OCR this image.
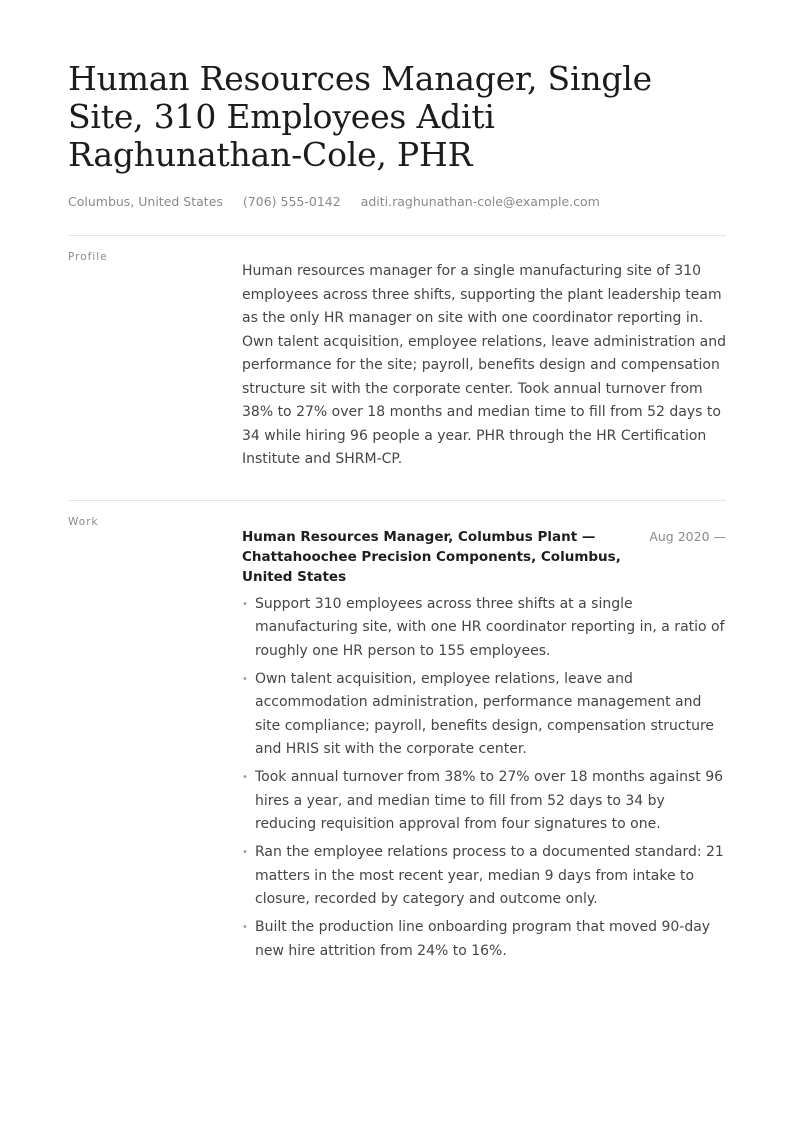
Human Resources Manager, Single Site, 310 Employees Aditi Raghunathan-Cole, PHR
Columbus, United States (706) 555-0142 aditi.raghunathan-cole@example.com
Profile

Human resources manager for a single manufacturing site of 310 employees across three shifts, supporting the plant leadership team as the only HR manager on site with one coordinator reporting in. Own talent acquisition, employee relations, leave administration and performance for the site; payroll, benefits design and compensation structure sit with the corporate center. Took annual turnover from 38% to 27% over 18 months and median time to fill from 52 days to 34 while hiring 96 people a year. PHR through the HR Certification Institute and SHRM-CP.

Work
Human Resources Manager, Columbus Plant — Chattahoochee Precision Components, Columbus, United States
Aug 2020 —
• Support 310 employees across three shifts at a single manufacturing site, with one HR coordinator reporting in, a ratio of roughly one HR person to 155 employees.
• Own talent acquisition, employee relations, leave and accommodation administration, performance management and site compliance; payroll, benefits design, compensation structure and HRIS sit with the corporate center.
• Took annual turnover from 38% to 27% over 18 months against 96 hires a year, and median time to fill from 52 days to 34 by reducing requisition approval from four signatures to one.
• Ran the employee relations process to a documented standard: 21 matters in the most recent year, median 9 days from intake to closure, recorded by category and outcome only.
• Built the production line onboarding program that moved 90-day new hire attrition from 24% to 16%.
